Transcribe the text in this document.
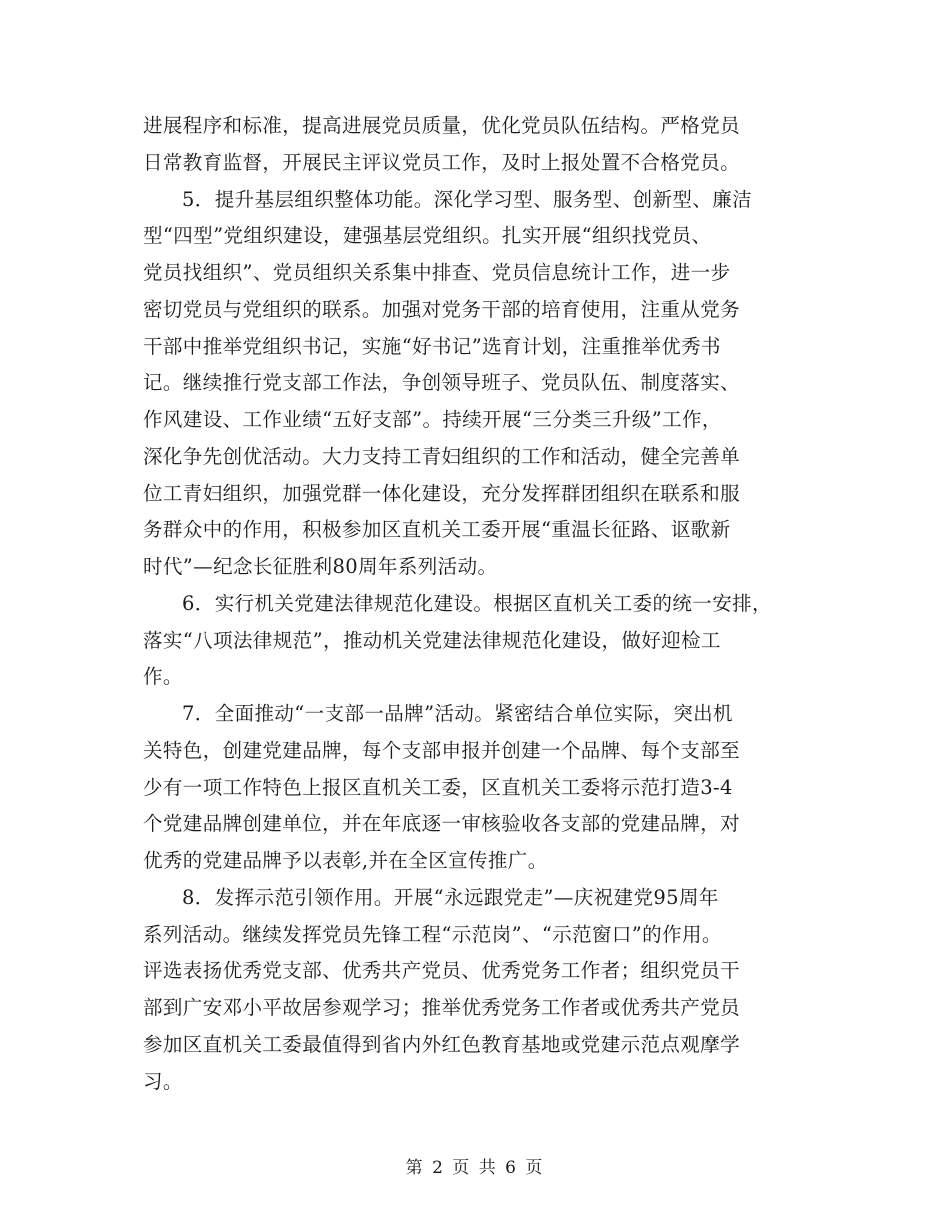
进展程序和标准，提高进展党员质量，优化党员队伍结构。严格党员
日常教育监督，开展民主评议党员工作，及时上报处置不合格党员。
5．提升基层组织整体功能。深化学习型、服务型、创新型、廉洁
型“四型”党组织建设，建强基层党组织。扎实开展“组织找党员、
党员找组织”、党员组织关系集中排查、党员信息统计工作，进一步
密切党员与党组织的联系。加强对党务干部的培育使用，注重从党务
干部中推举党组织书记，实施“好书记”选育计划，注重推举优秀书
记。继续推行党支部工作法，争创领导班子、党员队伍、制度落实、
作风建设、工作业绩“五好支部”。持续开展“三分类三升级”工作，
深化争先创优活动。大力支持工青妇组织的工作和活动，健全完善单
位工青妇组织，加强党群一体化建设，充分发挥群团组织在联系和服
务群众中的作用，积极参加区直机关工委开展“重温长征路、讴歌新
时代”—纪念长征胜利80周年系列活动。
6．实行机关党建法律规范化建设。根据区直机关工委的统一安排，
落实“八项法律规范”，推动机关党建法律规范化建设，做好迎检工
作。
7．全面推动“一支部一品牌”活动。紧密结合单位实际，突出机
关特色，创建党建品牌，每个支部申报并创建一个品牌、每个支部至
少有一项工作特色上报区直机关工委，区直机关工委将示范打造3-4
个党建品牌创建单位，并在年底逐一审核验收各支部的党建品牌，对
优秀的党建品牌予以表彰,并在全区宣传推广。
8．发挥示范引领作用。开展“永远跟党走”—庆祝建党95周年
系列活动。继续发挥党员先锋工程“示范岗”、“示范窗口”的作用。
评选表扬优秀党支部、优秀共产党员、优秀党务工作者；组织党员干
部到广安邓小平故居参观学习；推举优秀党务工作者或优秀共产党员
参加区直机关工委最值得到省内外红色教育基地或党建示范点观摩学
习。
第 2 页 共 6 页
